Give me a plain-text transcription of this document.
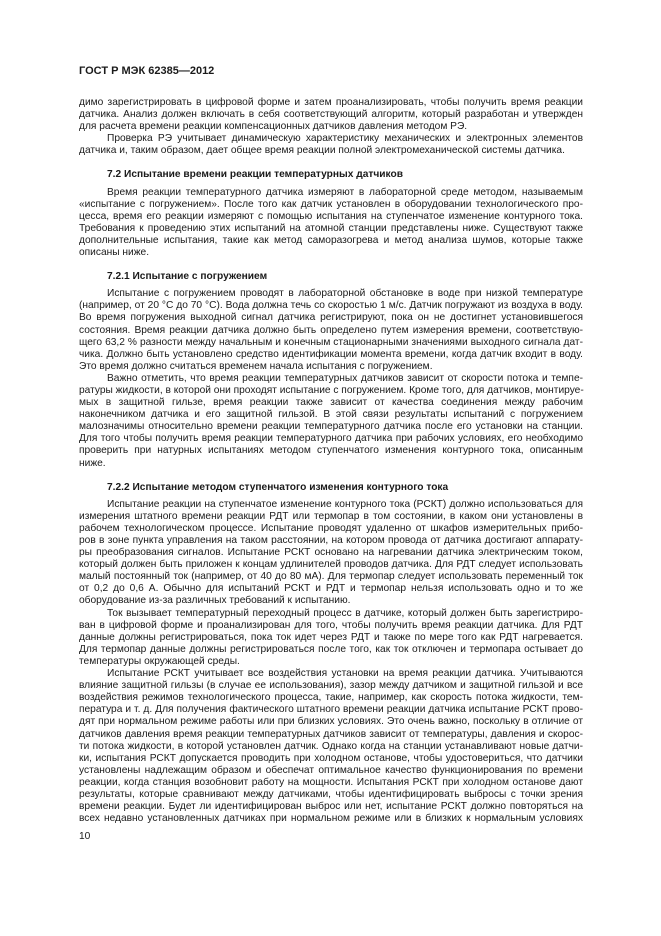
ГОСТ Р МЭК 62385—2012
димо зарегистрировать в цифровой форме и затем проанализировать, чтобы получить время реакции
датчика. Анализ должен включать в себя соответствующий алгоритм, который разработан и утвержден
для расчета времени реакции компенсационных датчиков давления методом РЭ.
Проверка РЭ учитывает динамическую характеристику механических и электронных элементов
датчика и, таким образом, дает общее время реакции полной электромеханической системы датчика.
7.2 Испытание времени реакции температурных датчиков
Время реакции температурного датчика измеряют в лабораторной среде методом, называемым
«испытание с погружением». После того как датчик установлен в оборудовании технологического про-
цесса, время его реакции измеряют с помощью испытания на ступенчатое изменение контурного тока.
Требования к проведению этих испытаний на атомной станции представлены ниже. Существуют также
дополнительные испытания, такие как метод саморазогрева и метод анализа шумов, которые также
описаны ниже.
7.2.1 Испытание с погружением
Испытание с погружением проводят в лабораторной обстановке в воде при низкой температуре
(например, от 20 °С до 70 °С). Вода должна течь со скоростью 1 м/с. Датчик погружают из воздуха в воду.
Во время погружения выходной сигнал датчика регистрируют, пока он не достигнет установившегося
состояния. Время реакции датчика должно быть определено путем измерения времени, соответствую-
щего 63,2 % разности между начальным и конечным стационарными значениями выходного сигнала дат-
чика. Должно быть установлено средство идентификации момента времени, когда датчик входит в воду.
Это время должно считаться временем начала испытания с погружением.
Важно отметить, что время реакции температурных датчиков зависит от скорости потока и темпе-
ратуры жидкости, в которой они проходят испытание с погружением. Кроме того, для датчиков, монтируе-
мых в защитной гильзе, время реакции также зависит от качества соединения между рабочим
наконечником датчика и его защитной гильзой. В этой связи результаты испытаний с погружением
малозначимы относительно времени реакции температурного датчика после его установки на станции.
Для того чтобы получить время реакции температурного датчика при рабочих условиях, его необходимо
проверить при натурных испытаниях методом ступенчатого изменения контурного тока, описанным
ниже.
7.2.2 Испытание методом ступенчатого изменения контурного тока
Испытание реакции на ступенчатое изменение контурного тока (РСКТ) должно использоваться для
измерения штатного времени реакции РДТ или термопар в том состоянии, в каком они установлены в
рабочем технологическом процессе. Испытание проводят удаленно от шкафов измерительных прибо-
ров в зоне пункта управления на таком расстоянии, на котором провода от датчика достигают аппарату-
ры преобразования сигналов. Испытание РСКТ основано на нагревании датчика электрическим током,
который должен быть приложен к концам удлинителей проводов датчика. Для РДТ следует использовать
малый постоянный ток (например, от 40 до 80 мА). Для термопар следует использовать переменный ток
от 0,2 до 0,6 А. Обычно для испытаний РСКТ и РДТ и термопар нельзя использовать одно и то же
оборудование из-за различных требований к испытанию.
Ток вызывает температурный переходный процесс в датчике, который должен быть зарегистриро-
ван в цифровой форме и проанализирован для того, чтобы получить время реакции датчика. Для РДТ
данные должны регистрироваться, пока ток идет через РДТ и также по мере того как РДТ нагревается.
Для термопар данные должны регистрироваться после того, как ток отключен и термопара остывает до
температуры окружающей среды.
Испытание РСКТ учитывает все воздействия установки на время реакции датчика. Учитываются
влияние защитной гильзы (в случае ее использования), зазор между датчиком и защитной гильзой и все
воздействия режимов технологического процесса, такие, например, как скорость потока жидкости, тем-
пература и т. д. Для получения фактического штатного времени реакции датчика испытание РСКТ прово-
дят при нормальном режиме работы или при близких условиях. Это очень важно, поскольку в отличие от
датчиков давления время реакции температурных датчиков зависит от температуры, давления и скорос-
ти потока жидкости, в которой установлен датчик. Однако когда на станции устанавливают новые датчи-
ки, испытания РСКТ допускается проводить при холодном останове, чтобы удостовериться, что датчики
установлены надлежащим образом и обеспечат оптимальное качество функционирования по времени
реакции, когда станция возобновит работу на мощности. Испытания РСКТ при холодном останове дают
результаты, которые сравнивают между датчиками, чтобы идентифицировать выбросы с точки зрения
времени реакции. Будет ли идентифицирован выброс или нет, испытание РСКТ должно повторяться на
всех недавно установленных датчиках при нормальном режиме или в близких к нормальным условиях
10
